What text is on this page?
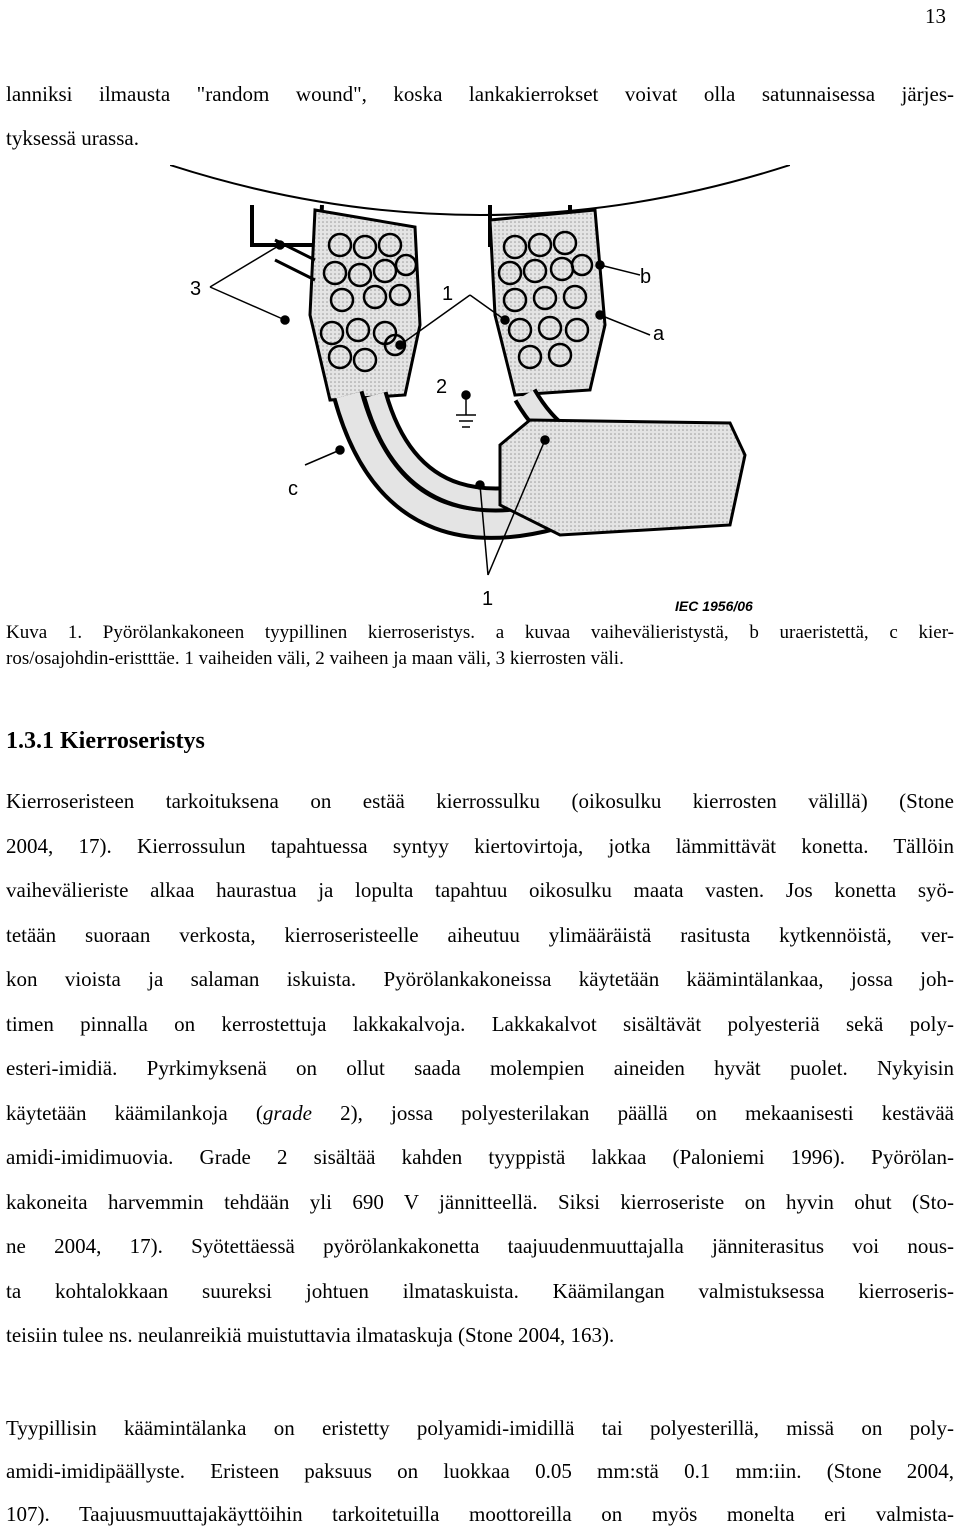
13
lanniksi ilmausta "random wound", koska lankakierrokset voivat olla satunnaisessa järjes-
tyksessä urassa.
3	1
b
a
2
c
1	IEC 1956/06
Kuva 1. Pyörölankakoneen tyypillinen kierroseristys. a kuvaa vaihevälieristystä, b uraeristettä, c kier-
ros/osajohdin-eristttäe. 1 vaiheiden väli, 2 vaiheen ja maan väli, 3 kierrosten väli.
1.3.1 Kierroseristys
Kierroseristeen tarkoituksena on estää kierrossulku (oikosulku kierrosten välillä) (Stone
2004, 17). Kierrossulun tapahtuessa syntyy kiertovirtoja, jotka lämmittävät konetta. Tällöin
vaihevälieriste alkaa haurastua ja lopulta tapahtuu oikosulku maata vasten. Jos konetta syö-
tetään suoraan verkosta, kierroseristeelle aiheutuu ylimääräistä rasitusta kytkennöistä, ver-
kon vioista ja salaman iskuista. Pyörölankakoneissa käytetään käämintälankaa, jossa joh-
timen pinnalla on kerrostettuja lakkakalvoja. Lakkakalvot sisältävät polyesteriä sekä poly-
esteri-imidiä. Pyrkimyksenä on ollut saada molempien aineiden hyvät puolet. Nykyisin
käytetään käämilankoja (grade 2), jossa polyesterilakan päällä on mekaanisesti kestävää
amidi-imidimuovia. Grade 2 sisältää kahden tyyppistä lakkaa (Paloniemi 1996). Pyörölan-
kakoneita harvemmin tehdään yli 690 V jännitteellä. Siksi kierroseriste on hyvin ohut (Sto-
ne 2004, 17). Syötettäessä pyörölankakonetta taajuudenmuuttajalla jänniterasitus voi nous-
ta kohtalokkaan suureksi johtuen ilmataskuista. Käämilangan valmistuksessa kierroseris-
teisiin tulee ns. neulanreikiä muistuttavia ilmataskuja (Stone 2004, 163).
Tyypillisin käämintälanka on eristetty polyamidi-imidillä tai polyesterillä, missä on poly-
amidi-imidipäällyste. Eristeen paksuus on luokkaa 0.05 mm:stä 0.1 mm:iin. (Stone 2004,
107). Taajuusmuuttajakäyttöihin tarkoitetuilla moottoreilla on myös monelta eri valmista-
